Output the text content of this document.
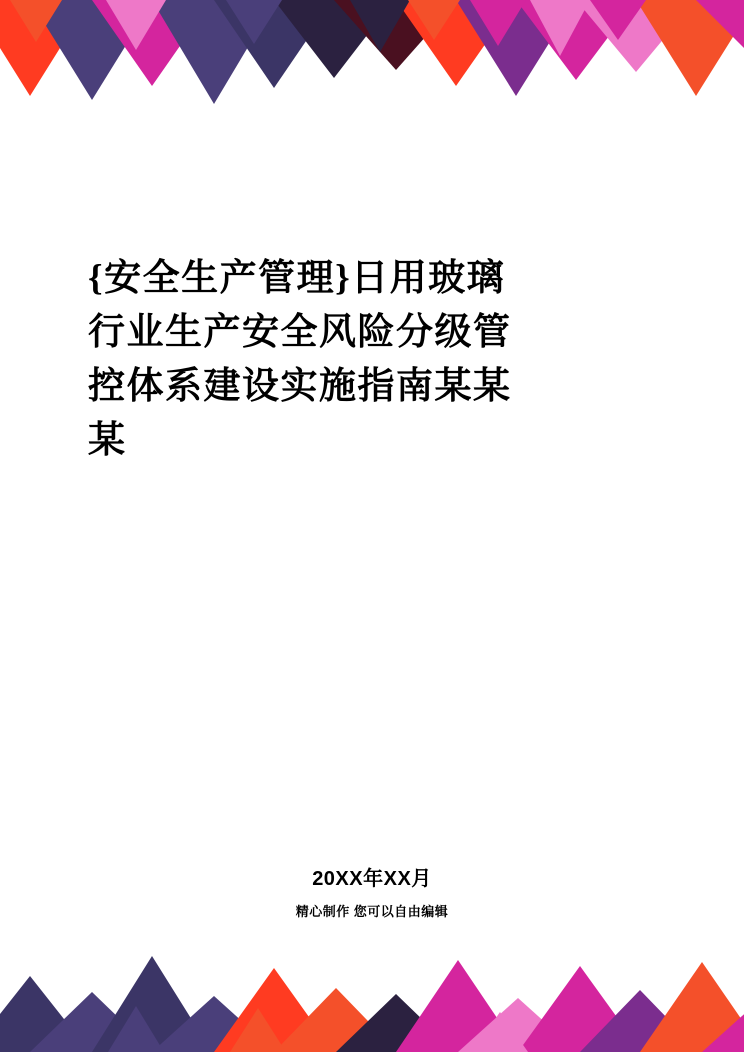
{安全生产管理}日用玻璃
行业生产安全风险分级管
控体系建设实施指南某某
某
20XX年XX月
精心制作 您可以自由编辑
